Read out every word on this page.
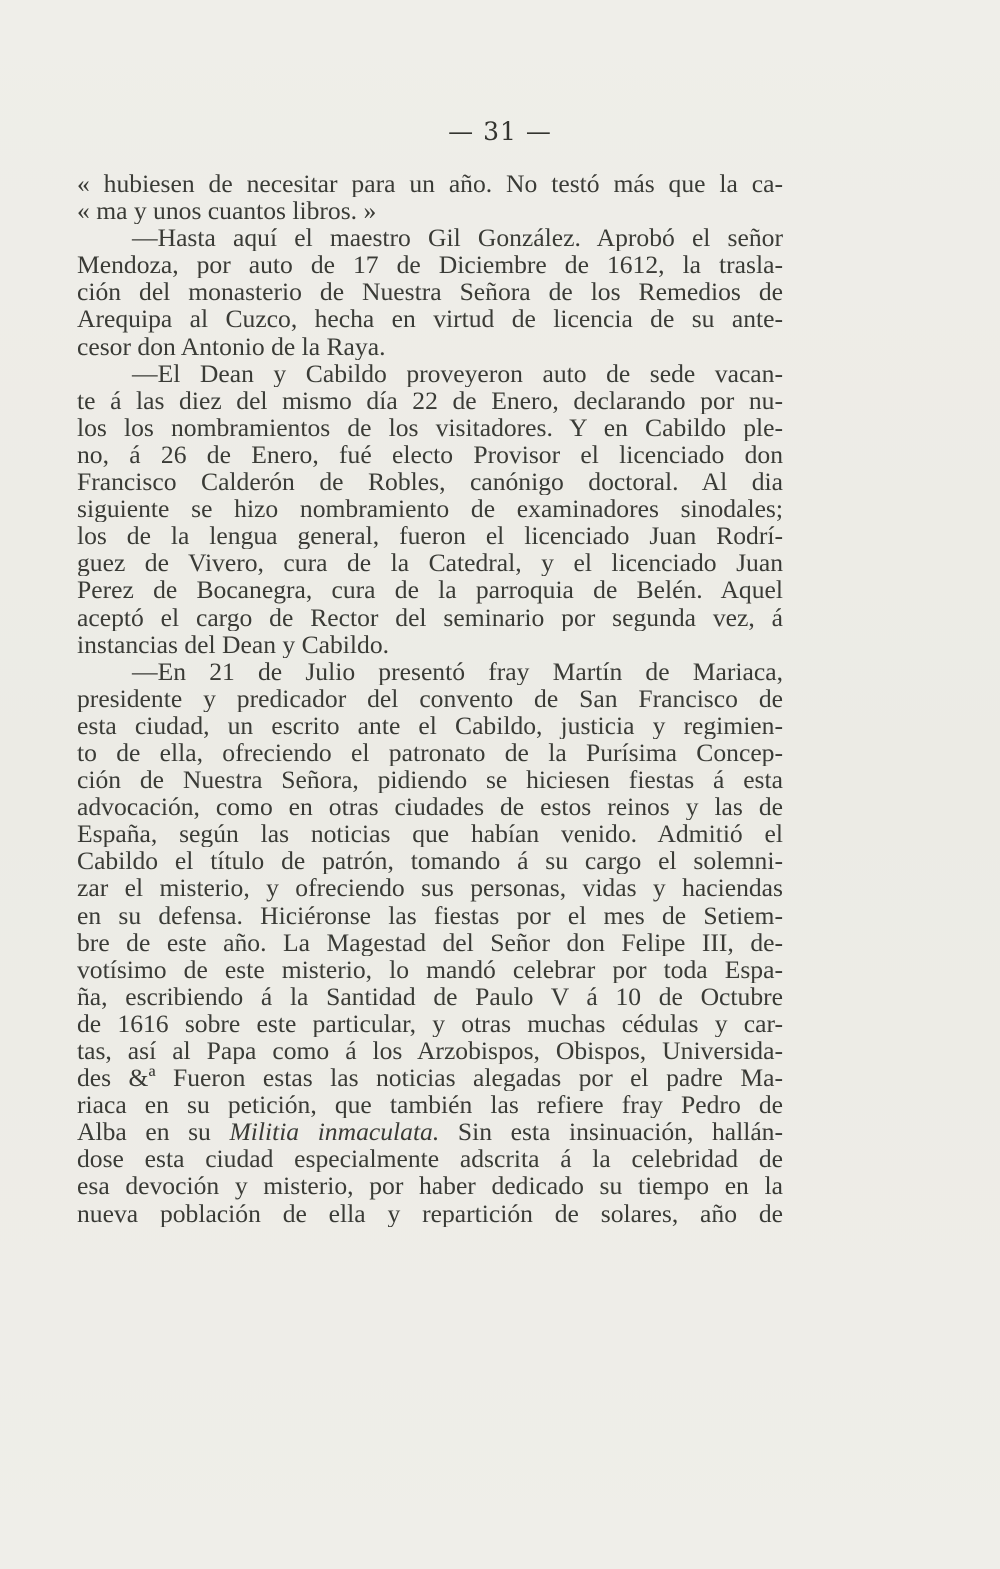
— 31 —
« hubiesen de necesitar para un año. No testó más que la ca-
« ma y unos cuantos libros. »
—Hasta aquí el maestro Gil González. Aprobó el señor
Mendoza, por auto de 17 de Diciembre de 1612, la trasla-
ción del monasterio de Nuestra Señora de los Remedios de
Arequipa al Cuzco, hecha en virtud de licencia de su ante-
cesor don Antonio de la Raya.
—El Dean y Cabildo proveyeron auto de sede vacan-
te á las diez del mismo día 22 de Enero, declarando por nu-
los los nombramientos de los visitadores. Y en Cabildo ple-
no, á 26 de Enero, fué electo Provisor el licenciado don
Francisco Calderón de Robles, canónigo doctoral. Al dia
siguiente se hizo nombramiento de examinadores sinodales;
los de la lengua general, fueron el licenciado Juan Rodrí-
guez de Vivero, cura de la Catedral, y el licenciado Juan
Perez de Bocanegra, cura de la parroquia de Belén. Aquel
aceptó el cargo de Rector del seminario por segunda vez, á
instancias del Dean y Cabildo.
—En 21 de Julio presentó fray Martín de Mariaca,
presidente y predicador del convento de San Francisco de
esta ciudad, un escrito ante el Cabildo, justicia y regimien-
to de ella, ofreciendo el patronato de la Purísima Concep-
ción de Nuestra Señora, pidiendo se hiciesen fiestas á esta
advocación, como en otras ciudades de estos reinos y las de
España, según las noticias que habían venido. Admitió el
Cabildo el título de patrón, tomando á su cargo el solemni-
zar el misterio, y ofreciendo sus personas, vidas y haciendas
en su defensa. Hiciéronse las fiestas por el mes de Setiem-
bre de este año. La Magestad del Señor don Felipe III, de-
votísimo de este misterio, lo mandó celebrar por toda Espa-
ña, escribiendo á la Santidad de Paulo V á 10 de Octubre
de 1616 sobre este particular, y otras muchas cédulas y car-
tas, así al Papa como á los Arzobispos, Obispos, Universida-
des &ª Fueron estas las noticias alegadas por el padre Ma-
riaca en su petición, que también las refiere fray Pedro de
Alba en su Militia inmaculata. Sin esta insinuación, hallán-
dose esta ciudad especialmente adscrita á la celebridad de
esa devoción y misterio, por haber dedicado su tiempo en la
nueva población de ella y repartición de solares, año de
